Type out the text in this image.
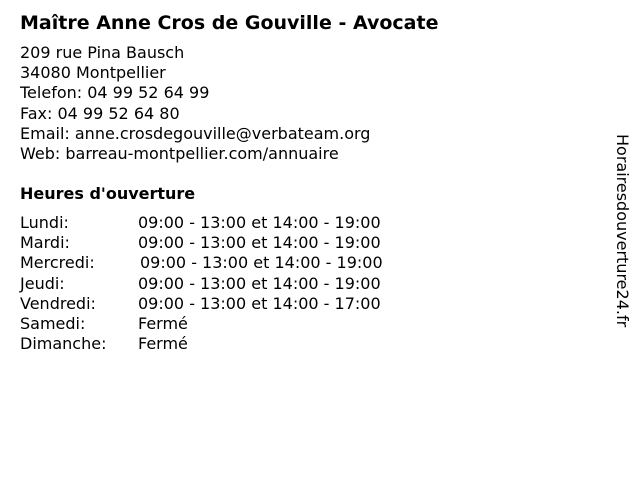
Maître Anne Cros de Gouville - Avocate
209 rue Pina Bausch
34080 Montpellier
Telefon: 04 99 52 64 99
Fax: 04 99 52 64 80
Email: anne.crosdegouville@verbateam.org
Web: barreau-montpellier.com/annuaire
Heures d'ouverture
Lundi:	09:00 - 13:00 et 14:00 - 19:00
Mardi:	09:00 - 13:00 et 14:00 - 19:00
Mercredi:	09:00 - 13:00 et 14:00 - 19:00
Jeudi:	09:00 - 13:00 et 14:00 - 19:00
Vendredi:	09:00 - 13:00 et 14:00 - 17:00
Samedi:	Fermé
Dimanche: Fermé
Horairesdouverture24.fr
